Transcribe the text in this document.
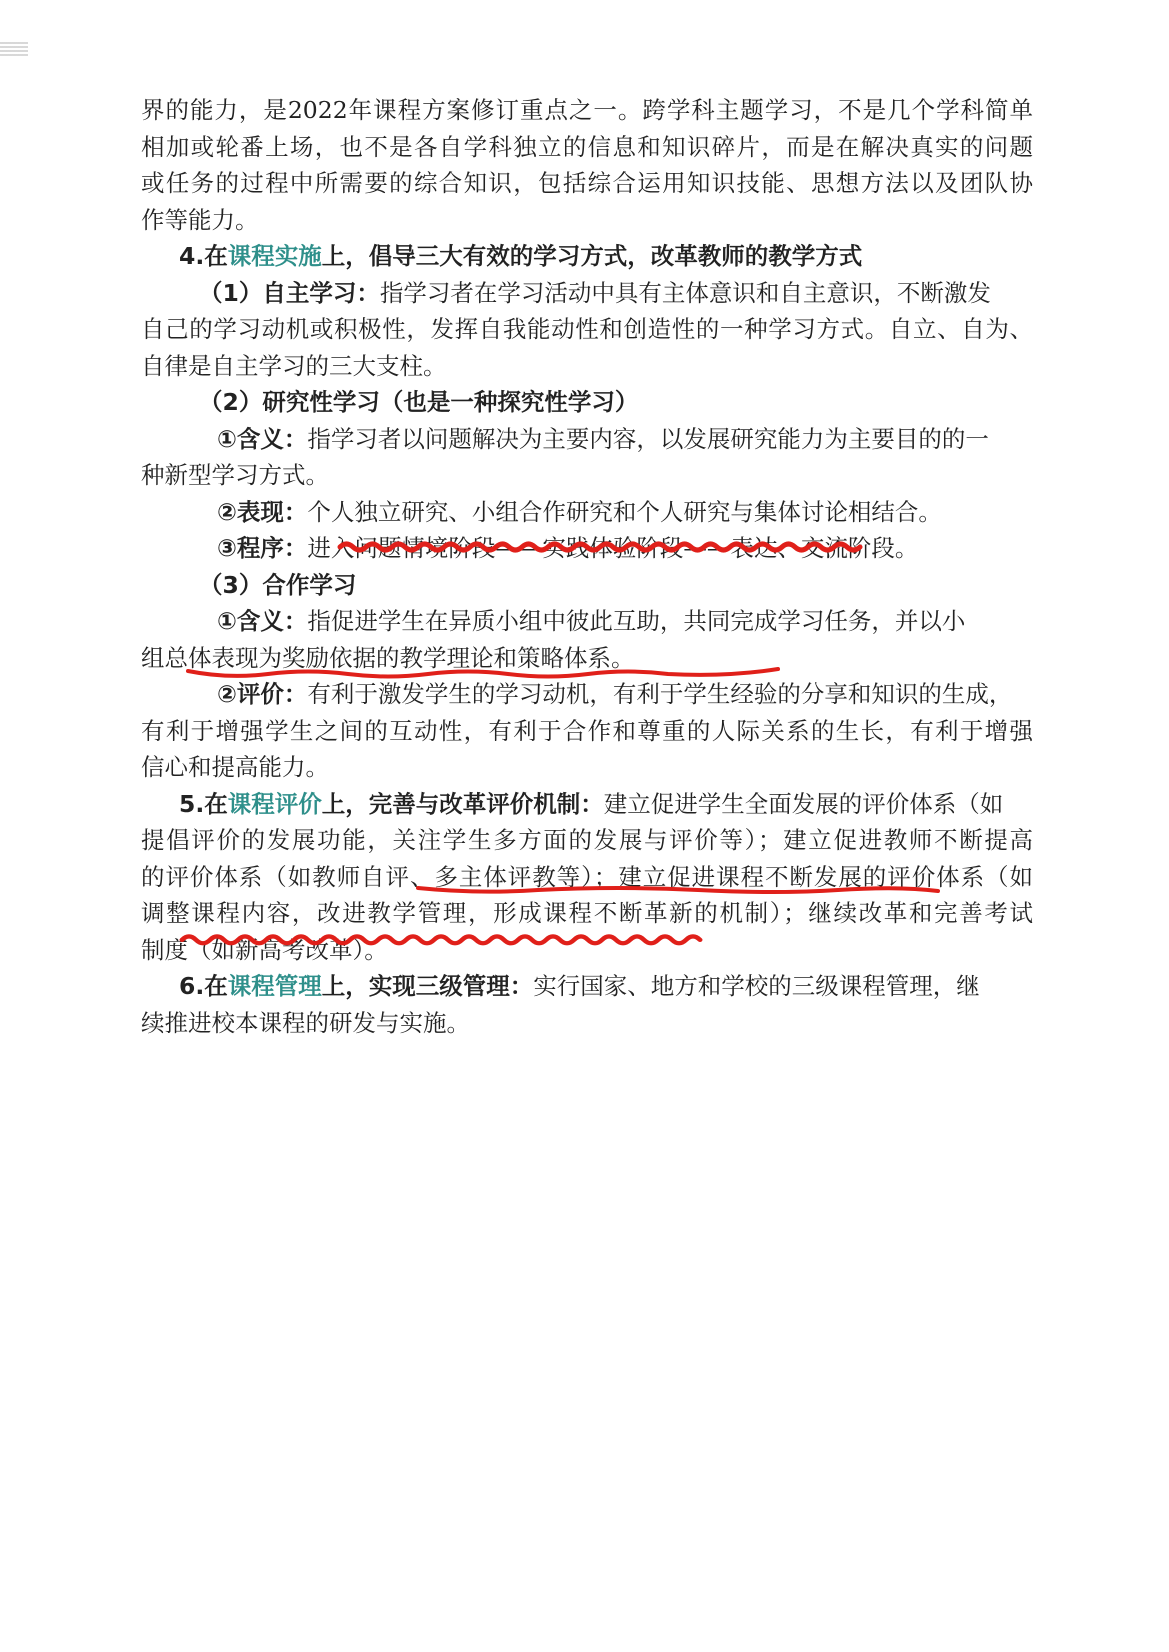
界的能力，是2022年课程方案修订重点之一。跨学科主题学习，不是几个学科简单
相加或轮番上场，也不是各自学科独立的信息和知识碎片，而是在解决真实的问题
或任务的过程中所需要的综合知识，包括综合运用知识技能、思想方法以及团队协
作等能力。
4.在课程实施上，倡导三大有效的学习方式，改革教师的教学方式
（1）自主学习：指学习者在学习活动中具有主体意识和自主意识，不断激发
自己的学习动机或积极性，发挥自我能动性和创造性的一种学习方式。自立、自为、
自律是自主学习的三大支柱。
（2）研究性学习（也是一种探究性学习）
①含义：指学习者以问题解决为主要内容，以发展研究能力为主要目的的一
种新型学习方式。
②表现：个人独立研究、小组合作研究和个人研究与集体讨论相结合。
③程序：进入问题情境阶段——实践体验阶段——表达、交流阶段。
（3）合作学习
①含义：指促进学生在异质小组中彼此互助，共同完成学习任务，并以小
组总体表现为奖励依据的教学理论和策略体系。
②评价：有利于激发学生的学习动机，有利于学生经验的分享和知识的生成，
有利于增强学生之间的互动性，有利于合作和尊重的人际关系的生长，有利于增强
信心和提高能力。
5.在课程评价上，完善与改革评价机制：建立促进学生全面发展的评价体系（如
提倡评价的发展功能，关注学生多方面的发展与评价等）；建立促进教师不断提高
的评价体系（如教师自评、多主体评教等）；建立促进课程不断发展的评价体系（如
调整课程内容，改进教学管理，形成课程不断革新的机制）；继续改革和完善考试
制度（如新高考改革）。
6.在课程管理上，实现三级管理：实行国家、地方和学校的三级课程管理，继
续推进校本课程的研发与实施。
